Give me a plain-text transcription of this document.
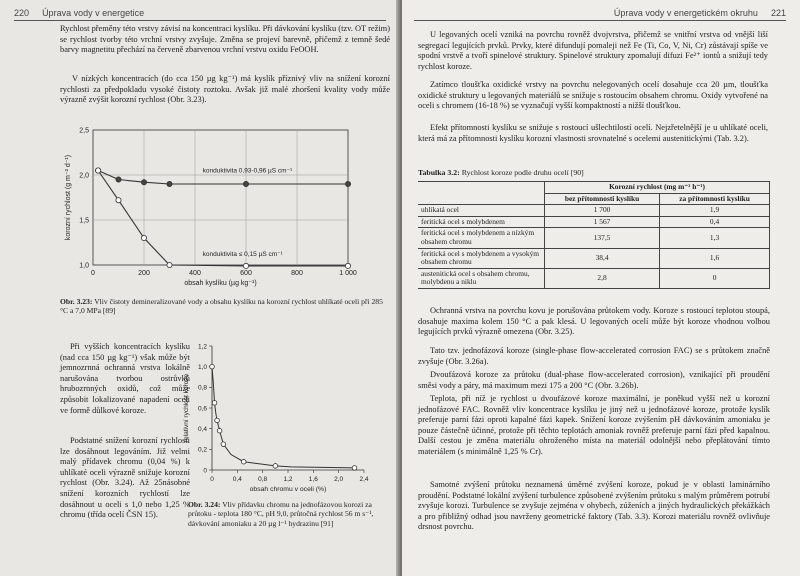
220 Úprava vody v energetice

Rychlost přeměny této vrstvy závisí na koncentraci kyslíku. Při dávkování kyslíku (tzv. OT režim) se rychlost tvorby této vrchní vrstvy zvyšuje. Změna se projeví barevně, přičemž z temně šedé barvy magnetitu přechází na červeně zbarvenou vrchní vrstvu oxidu FeOOH.

V nízkých koncentracích (do cca 150 µg kg⁻¹) má kyslík příznivý vliv na snížení korozní rychlosti za předpokladu vysoké čistoty roztoku. Avšak již malé zhoršení kvality vody může výrazně zvýšit korozní rychlost (Obr. 3.23).

0	200	400	600	800	1 000
1,0
1,5
2,0
2,5
obsah kyslíku (µg kg⁻¹)
korozní rychlost (g m⁻² d⁻¹)	konduktivita 0,93-0,96 µS cm⁻¹
konduktivita ≤ 0,15 µS cm⁻¹

Obr. 3.23: Vliv čistoty demineralizované vody a obsahu kyslíku na korozní rychlost uhlíkaté oceli při 285 °C a 7,0 MPa [89]

Při vyšších koncentracích kyslíku (nad cca 150 µg kg⁻¹) však může být jemnozrnná ochranná vrstva lokálně narušována tvorbou ostrůvků hrubozrnných oxidů, což může způsobit lokalizované napadení oceli ve formě důlkové koroze.

Podstatné snížení korozní rychlosti lze dosáhnout legováním. Již velmi malý přídavek chromu (0,04 %) k uhlíkaté oceli výrazně snižuje korozní rychlost (Obr. 3.24). Až 25násobné snížení korozních rychlostí lze dosáhnout u oceli s 1,0 nebo 1,25 % chromu (třída ocelí ČSN 15).

0	0,4	0,8	1,2	1,6	2,0	2,4
0
0,2
0,4
0,6
0,8
1,0
1,2
obsah chromu v oceli (%)
relativní rychlost koroze

Obr. 3.24: Vliv přídavku chromu na jednofázovou korozi za průtoku - teplota 180 °C, pH 9,0, průtočná rychlost 56 m s⁻¹, dávkování amoniaku a 20 µg l⁻¹ hydrazinu [91]

Úprava vody v energetickém okruhu 221

U legovaných ocelí vzniká na povrchu rovněž dvojvrstva, přičemž se vnitřní vrstva od vnější liší segregací legujících prvků. Prvky, které difundují pomaleji než Fe (Ti, Co, V, Ni, Cr) zůstávají spíše ve spodní vrstvě a tvoří spinelové struktury. Spinelové struktury zpomalují difuzi Fe²⁺ iontů a snižují tedy rychlost koroze.

Zatímco tloušťka oxidické vrstvy na povrchu nelegovaných ocelí dosahuje cca 20 µm, tloušťka oxidické struktury u legovaných materiálů se snižuje s rostoucím obsahem chromu. Oxidy vytvořené na oceli s chromem (16-18 %) se vyznačují vyšší kompaktností a nižší tloušťkou.

Efekt přítomnosti kyslíku se snižuje s rostoucí ušlechtilostí ocelí. Nejzřetelnější je u uhlíkaté oceli, která má za přítomnosti kyslíku korozní vlastnosti srovnatelné s ocelemi austenitickými (Tab. 3.2).

Tabulka 3.2: Rychlost koroze podle druhu ocelí [90]
	Korozní rychlost (mg m⁻² h⁻¹)	
	bez přítomnosti kyslíku	za přítomnosti kyslíku
uhlíkatá ocel	1 700	1,9
feritická ocel s molybdenem	1 567	0,4
feritická ocel s molybdenem a nízkým obsahem chromu	137,5	1,3
feritická ocel s molybdenem a vysokým obsahem chromu	38,4	1,6
austenitická ocel s obsahem chromu, molybdenu a niklu	2,8	0

Ochranná vrstva na povrchu kovu je porušována průtokem vody. Koroze s rostoucí teplotou stoupá, dosahuje maxima kolem 150 °C a pak klesá. U legovaných ocelí může být koroze vhodnou volbou legujících prvků výrazně omezena (Obr. 3.25).

Tato tzv. jednofázová koroze (single-phase flow-accelerated corrosion FAC) se s průtokem značně zvyšuje (Obr. 3.26a).

Dvoufázová koroze za průtoku (dual-phase flow-accelerated corrosion), vznikající při proudění směsi vody a páry, má maximum mezi 175 a 200 °C (Obr. 3.26b).

Teplota, při níž je rychlost u dvoufázové koroze maximální, je poněkud vyšší než u korozní jednofázové FAC. Rovněž vliv koncentrace kyslíku je jiný než u jednofázové koroze, protože kyslík preferuje parní fázi oproti kapalné fázi kapek. Snížení koroze zvýšením pH dávkováním amoniaku je pouze částečně účinné, protože při těchto teplotách amoniak rovněž preferuje parní fázi před kapalnou. Další cestou je změna materiálu ohroženého místa na materiál odolnější nebo přeplátování tímto materiálem (s minimálně 1,25 % Cr).

Samotné zvýšení průtoku neznamená úměrné zvýšení koroze, pokud je v oblasti laminárního proudění. Podstatné lokální zvýšení turbulence způsobené zvýšením průtoku s malým průměrem potrubí zvyšuje korozi. Turbulence se zvyšuje zejména v ohybech, zúženích a jiných hydraulických překážkách a pro přibližný odhad jsou navrženy geometrické faktory (Tab. 3.3). Korozi materiálu rovněž ovlivňuje drsnost povrchu.
